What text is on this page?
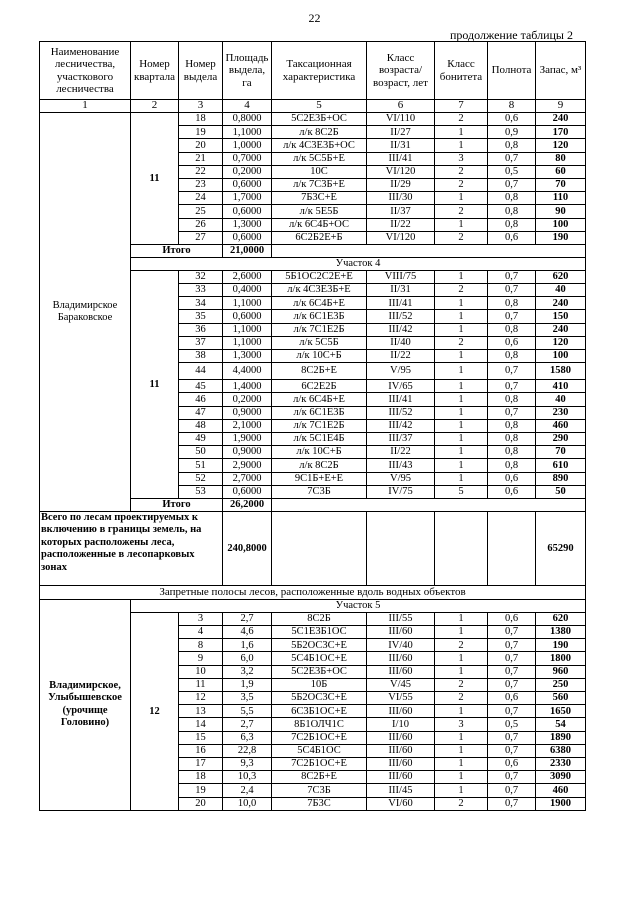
22
продолжение таблицы 2
Наименование лесничества, участкового лесничества	Номер квартала	Номер выдела	Площадь выдела, га	Таксационная характеристика	Класс возраста/ возраст, лет	Класс бонитета	Полнота	Запас, м³	
1	2	3	4	5	6	7	8	9	
Владимирское Бараковское	11	18	0,8000	5С2Е3Б+ОС	VI/110	2	0,6	240	
		19	1,1000	л/к 8С2Б	II/27	1	0,9	170	
		20	1,0000	л/к 4С3Е3Б+ОС	II/31	1	0,8	120	
		21	0,7000	л/к 5С5Б+Е	III/41	3	0,7	80	
		22	0,2000	10С	VI/120	2	0,5	60	
		23	0,6000	л/к 7С3Б+Е	II/29	2	0,7	70	
		24	1,7000	7Б3С+Е	III/30	1	0,8	110	
		25	0,6000	л/к 5Е5Б	II/37	2	0,8	90	
		26	1,3000	л/к 6С4Б+ОС	II/22	1	0,8	100	
		27	0,6000	6С2Б2Е+Б	VI/120	2	0,6	190	
	Итого		21,0000			
	Участок 4								
	11	32	2,6000	5Б1ОС2С2Е+Е	VIII/75	1	0,7	620	
		33	0,4000	л/к 4С3Е3Б+Е	II/31	2	0,7	40	
		34	1,1000	л/к 6С4Б+Е	III/41	1	0,8	240	
		35	0,6000	л/к 6С1Е3Б	III/52	1	0,7	150	
		36	1,1000	л/к 7С1Е2Б	III/42	1	0,8	240	
		37	1,1000	л/к 5С5Б	II/40	2	0,6	120	
		38	1,3000	л/к 10С+Б	II/22	1	0,8	100	
		44	4,4000	8С2Б+Е	V/95	1	0,7	1580	
		45	1,4000	6С2Е2Б	IV/65	1	0,7	410	
		46	0,2000	л/к 6С4Б+Е	III/41	1	0,8	40	
		47	0,9000	л/к 6С1Е3Б	III/52	1	0,7	230	
		48	2,1000	л/к 7С1Е2Б	III/42	1	0,8	460	
		49	1,9000	л/к 5С1Е4Б	III/37	1	0,8	290	
		50	0,9000	л/к 10С+Б	II/22	1	0,8	70	
		51	2,9000	л/к 8С2Б	III/43	1	0,8	610	
		52	2,7000	9С1Б+Е+Е	V/95	1	0,6	890	
		53	0,6000	7С3Б	IV/75	5	0,6	50	
	Итого		26,2000			
Всего по лесам проектируемых к включению в границы земель, на которых расположены леса, расположенные в лесопарковых зонах			240,8000					65290	
Запретные полосы лесов, расположенные вдоль водных объектов									
Владимирское, Улыбышевское (урочище Головино)	Участок 5								
	12	3	2,7	8С2Б	III/55	1	0,6	620	
		4	4,6	5С1Е3Б1ОС	III/60	1	0,7	1380	
		8	1,6	5Б2ОС3С+Е	IV/40	2	0,7	190	
		9	6,0	5С4Б1ОС+Е	III/60	1	0,7	1800	
		10	3,2	5С2Е3Б+ОС	III/60	1	0,7	960	
		11	1,9	10Б	V/45	2	0,7	250	
		12	3,5	5Б2ОС3С+Е	VI/55	2	0,6	560	
		13	5,5	6С3Б1ОС+Е	III/60	1	0,7	1650	
		14	2,7	8Б1ОЛЧ1С	I/10	3	0,5	54	
		15	6,3	7С2Б1ОС+Е	III/60	1	0,7	1890	
		16	22,8	5С4Б1ОС	III/60	1	0,7	6380	
		17	9,3	7С2Б1ОС+Е	III/60	1	0,6	2330	
		18	10,3	8С2Б+Е	III/60	1	0,7	3090	
		19	2,4	7С3Б	III/45	1	0,7	460	
		20	10,0	7Б3С	VI/60	2	0,7	1900	
